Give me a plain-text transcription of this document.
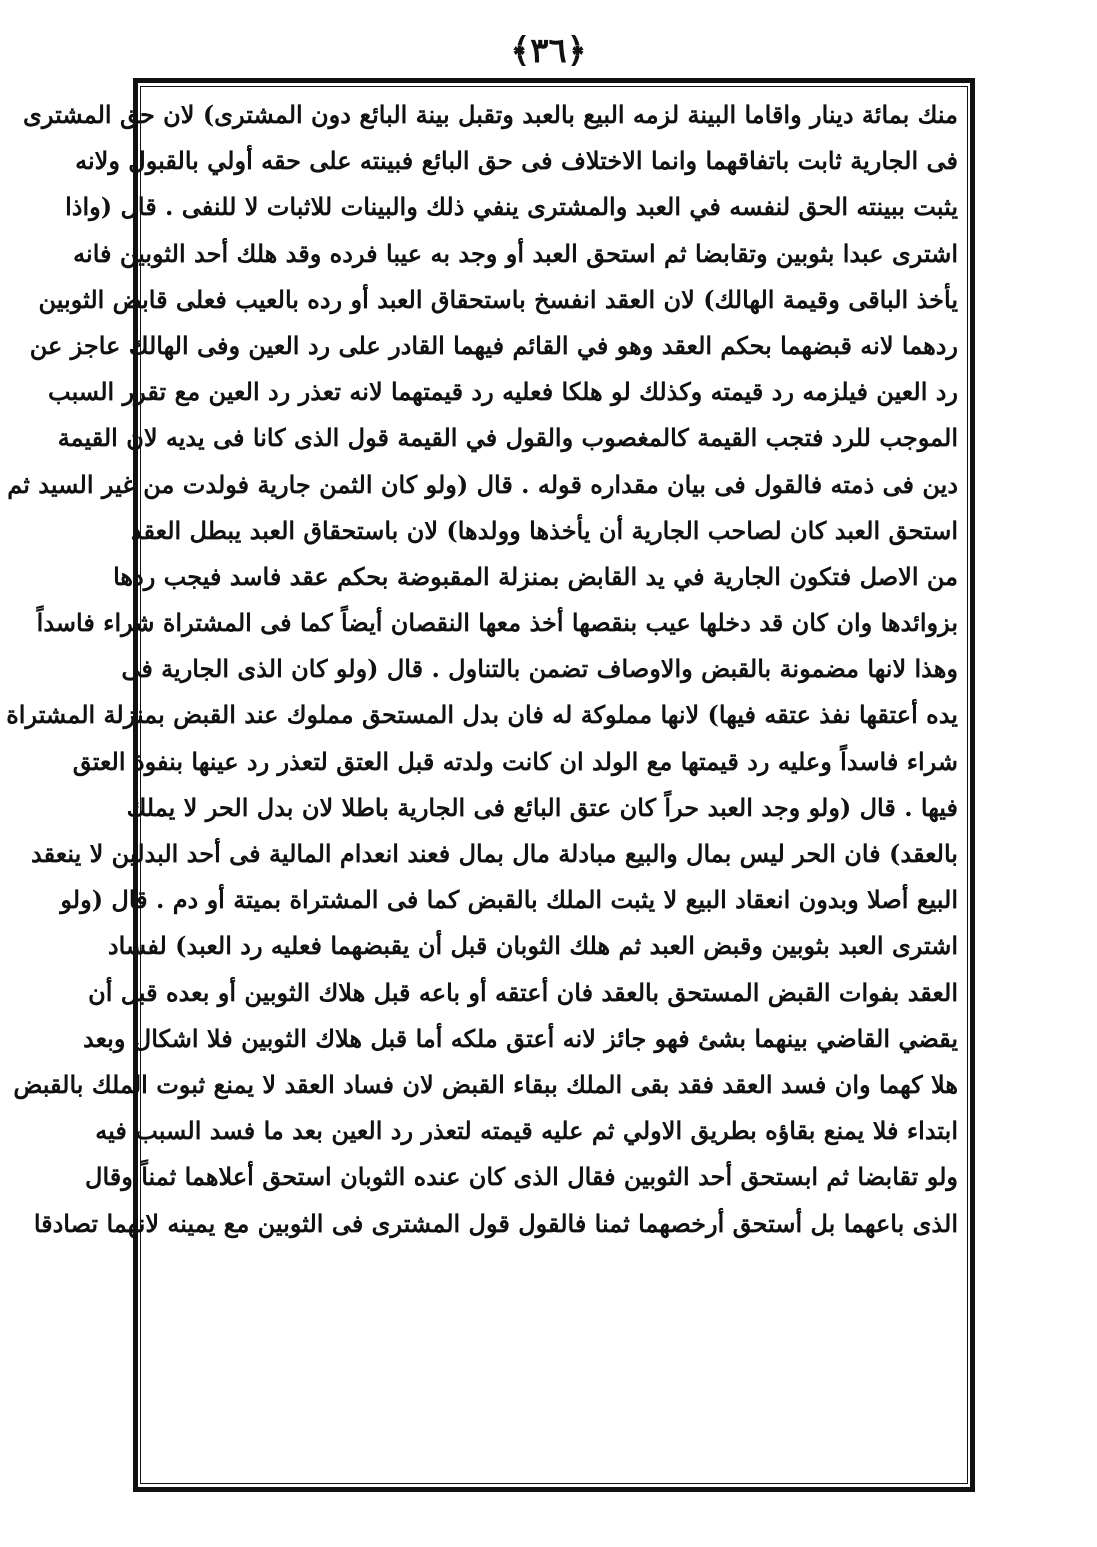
﴿٣٦﴾
منك بمائة دينار واقاما البينة لزمه البيع بالعبد وتقبل بينة البائع دون المشترى) لان حق المشترى
فى الجارية ثابت باتفاقهما وانما الاختلاف فى حق البائع فبينته على حقه أولي بالقبول ولانه
يثبت ببينته الحق لنفسه في العبد والمشترى ينفي ذلك والبينات للاثبات لا للنفى . قال (واذا
اشترى عبدا بثوبين وتقابضا ثم استحق العبد أو وجد به عيبا فرده وقد هلك أحد الثوبين فانه
يأخذ الباقى وقيمة الهالك) لان العقد انفسخ باستحقاق العبد أو رده بالعيب فعلى قابض الثوبين
ردهما لانه قبضهما بحكم العقد وهو في القائم فيهما القادر على رد العين وفى الهالك عاجز عن
رد العين فيلزمه رد قيمته وكذلك لو هلكا فعليه رد قيمتهما لانه تعذر رد العين مع تقرر السبب
الموجب للرد فتجب القيمة كالمغصوب والقول في القيمة قول الذى كانا فى يديه لان القيمة
دين فى ذمته فالقول فى بيان مقداره قوله . قال (ولو كان الثمن جارية فولدت من غير السيد ثم
استحق العبد كان لصاحب الجارية أن يأخذها وولدها) لان باستحقاق العبد يبطل العقد
من الاصل فتكون الجارية في يد القابض بمنزلة المقبوضة بحكم عقد فاسد فيجب ردها
بزوائدها وان كان قد دخلها عيب بنقصها أخذ معها النقصان أيضاً كما فى المشتراة شراء فاسداً
وهذا لانها مضمونة بالقبض والاوصاف تضمن بالتناول . قال (ولو كان الذى الجارية فى
يده أعتقها نفذ عتقه فيها) لانها مملوكة له فان بدل المستحق مملوك عند القبض بمنزلة المشتراة
شراء فاسداً وعليه رد قيمتها مع الولد ان كانت ولدته قبل العتق لتعذر رد عينها بنفوذ العتق
فيها . قال (ولو وجد العبد حراً كان عتق البائع فى الجارية باطلا لان بدل الحر لا يملك
بالعقد) فان الحر ليس بمال والبيع مبادلة مال بمال فعند انعدام المالية فى أحد البدلين لا ينعقد
البيع أصلا وبدون انعقاد البيع لا يثبت الملك بالقبض كما فى المشتراة بميتة أو دم . قال (ولو
اشترى العبد بثوبين وقبض العبد ثم هلك الثوبان قبل أن يقبضهما فعليه رد العبد) لفساد
العقد بفوات القبض المستحق بالعقد فان أعتقه أو باعه قبل هلاك الثوبين أو بعده قبل أن
يقضي القاضي بينهما بشئ فهو جائز لانه أعتق ملكه أما قبل هلاك الثوبين فلا اشكال وبعد
هلا كهما وان فسد العقد فقد بقى الملك ببقاء القبض لان فساد العقد لا يمنع ثبوت الملك بالقبض
ابتداء فلا يمنع بقاؤه بطريق الاولي ثم عليه قيمته لتعذر رد العين بعد ما فسد السبب فيه
ولو تقابضا ثم ابستحق أحد الثوبين فقال الذى كان عنده الثوبان استحق أعلاهما ثمناً وقال
الذى باعهما بل أستحق أرخصهما ثمنا فالقول قول المشترى فى الثوبين مع يمينه لانهما تصادقا
